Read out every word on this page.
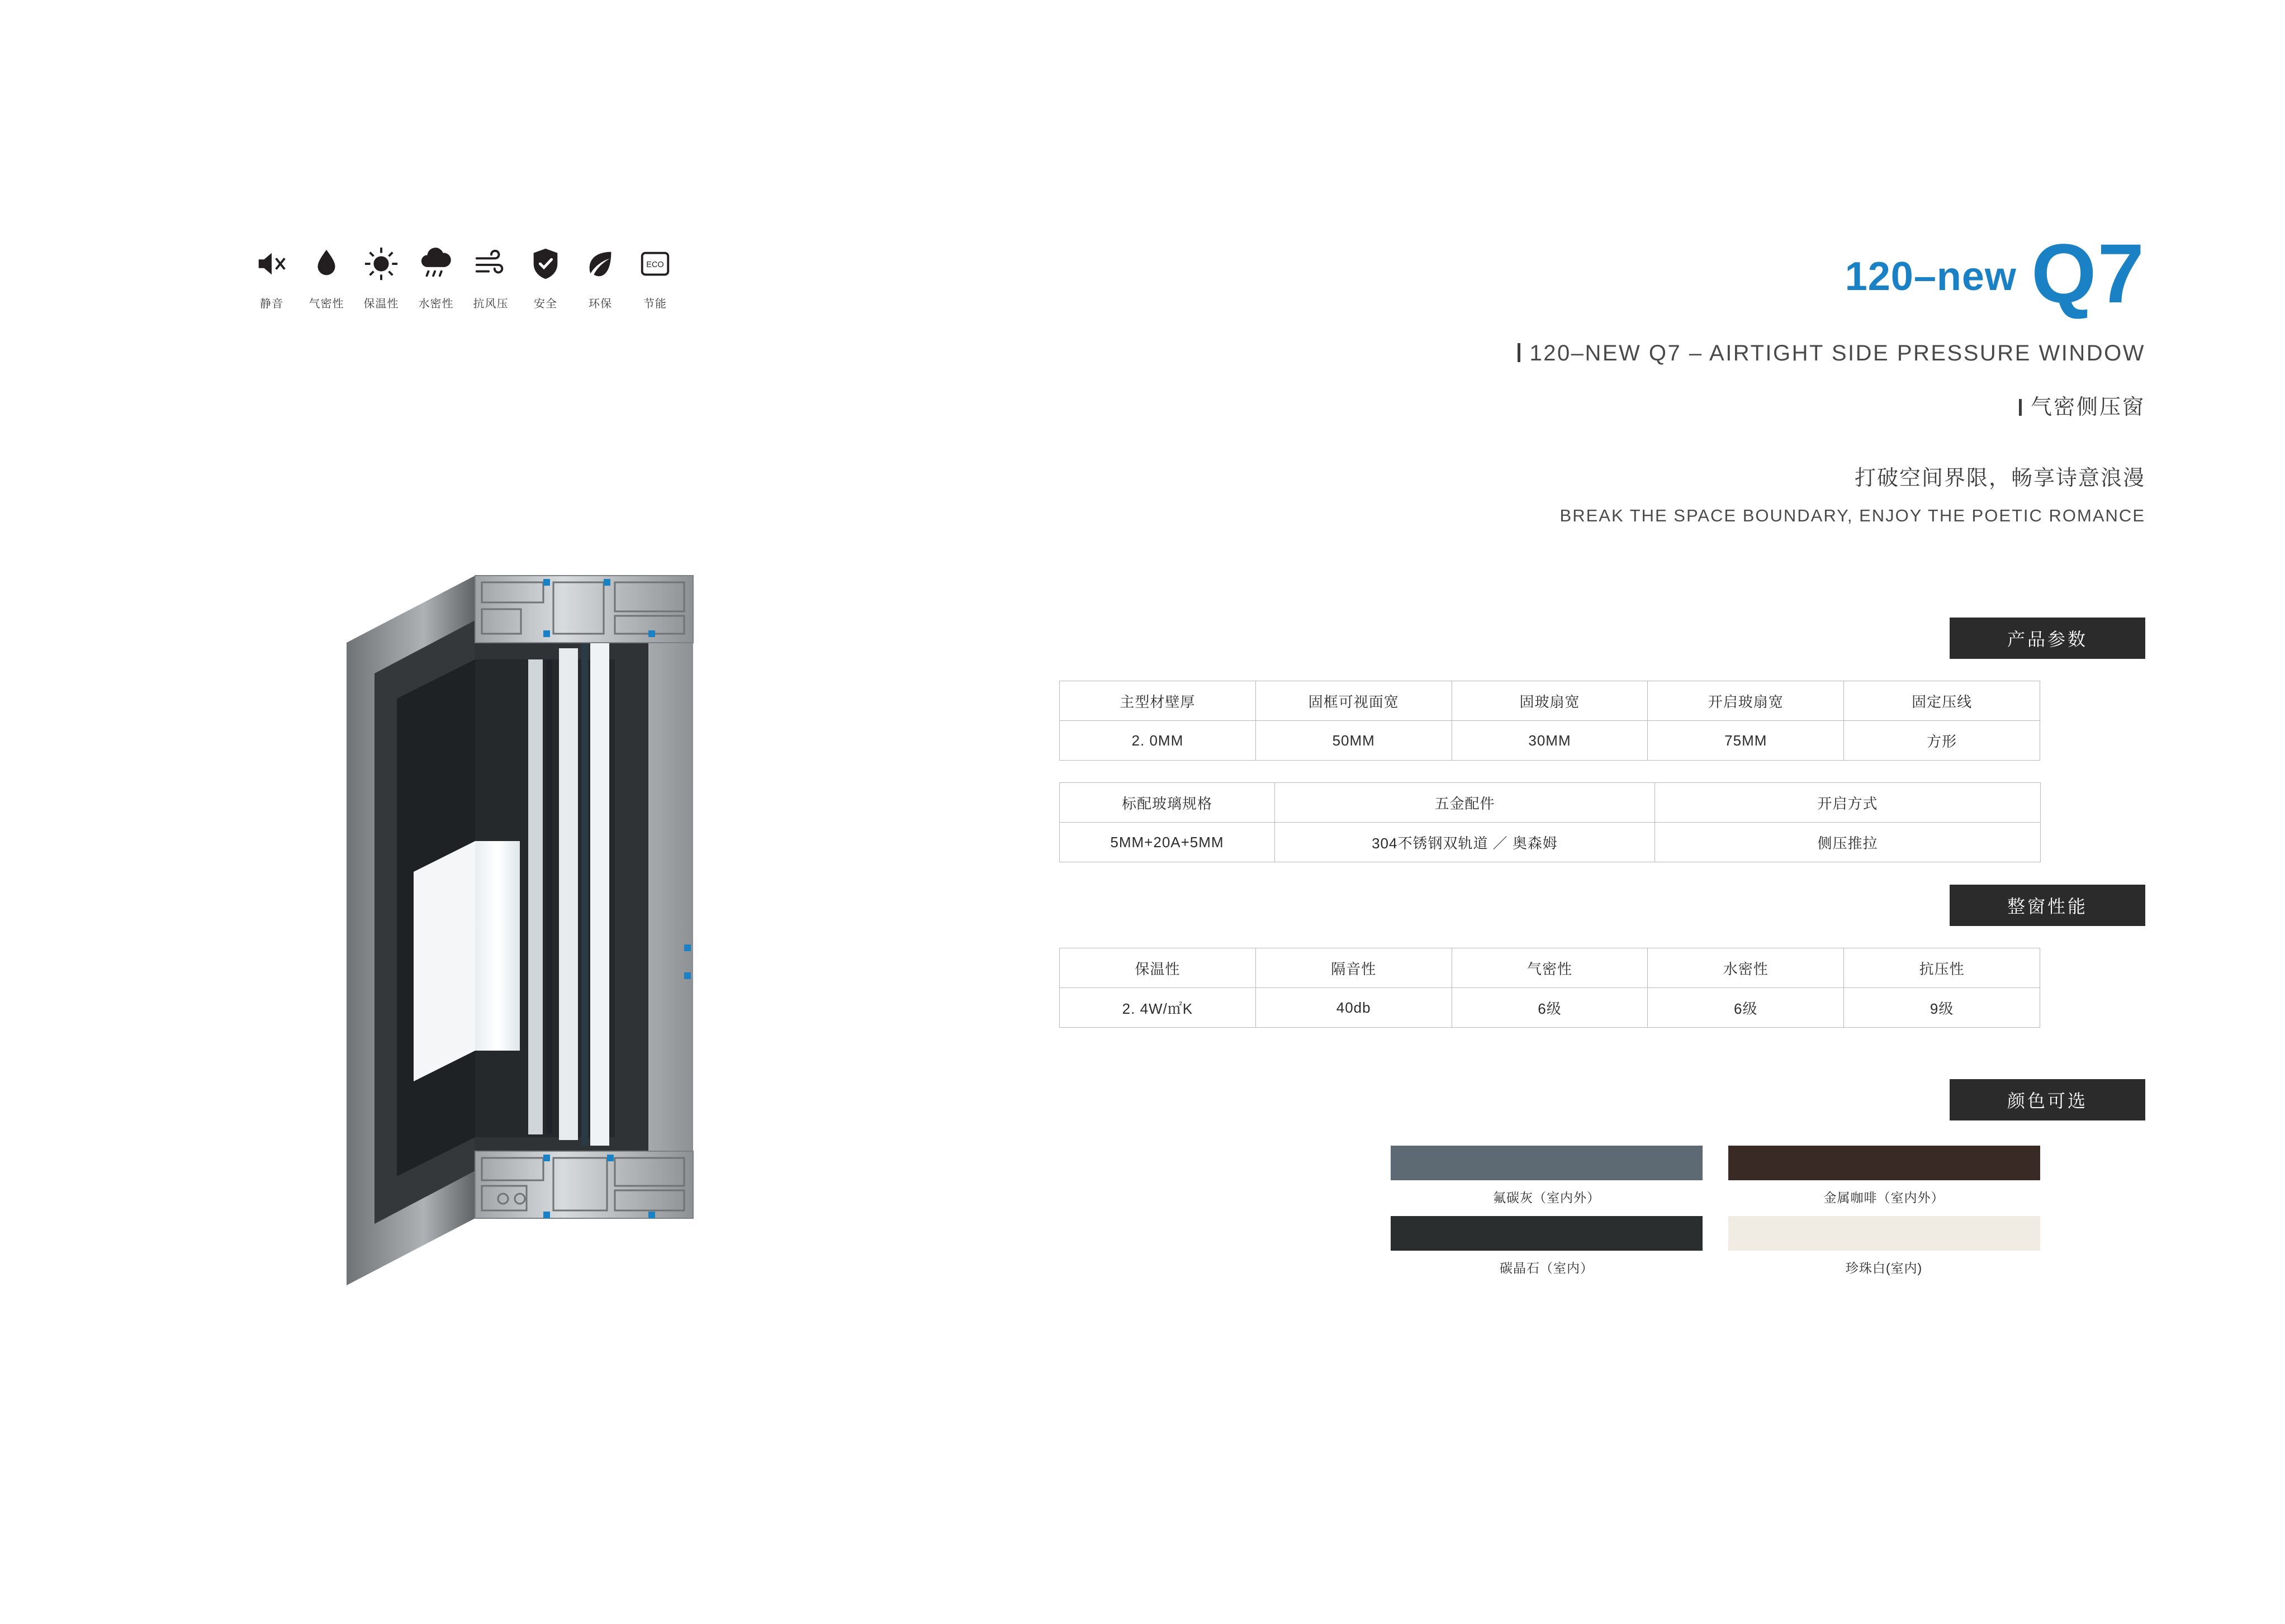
静音 气密性 保温性 水密性 抗风压 安全	环保
ECO
节能
120–new Q7
120–NEW Q7 – AIRTIGHT SIDE PRESSURE WINDOW
气密侧压窗
打破空间界限，畅享诗意浪漫
BREAK THE SPACE BOUNDARY, ENJOY THE POETIC ROMANCE
产品参数
整窗性能
颜色可选
主型材壁厚	固框可视面宽	固玻扇宽	开启玻扇宽	固定压线
2. 0MM	50MM	30MM	75MM	方形
标配玻璃规格	五金配件	开启方式
5MM+20A+5MM	304不锈钢双轨道 ／ 奥森姆	侧压推拉
保温性	隔音性	气密性	水密性	抗压性
2. 4W/㎡K	40db	6级	6级	9级
氟碳灰（室内外）	金属咖啡（室内外）
碳晶石（室内）	珍珠白(室内)
